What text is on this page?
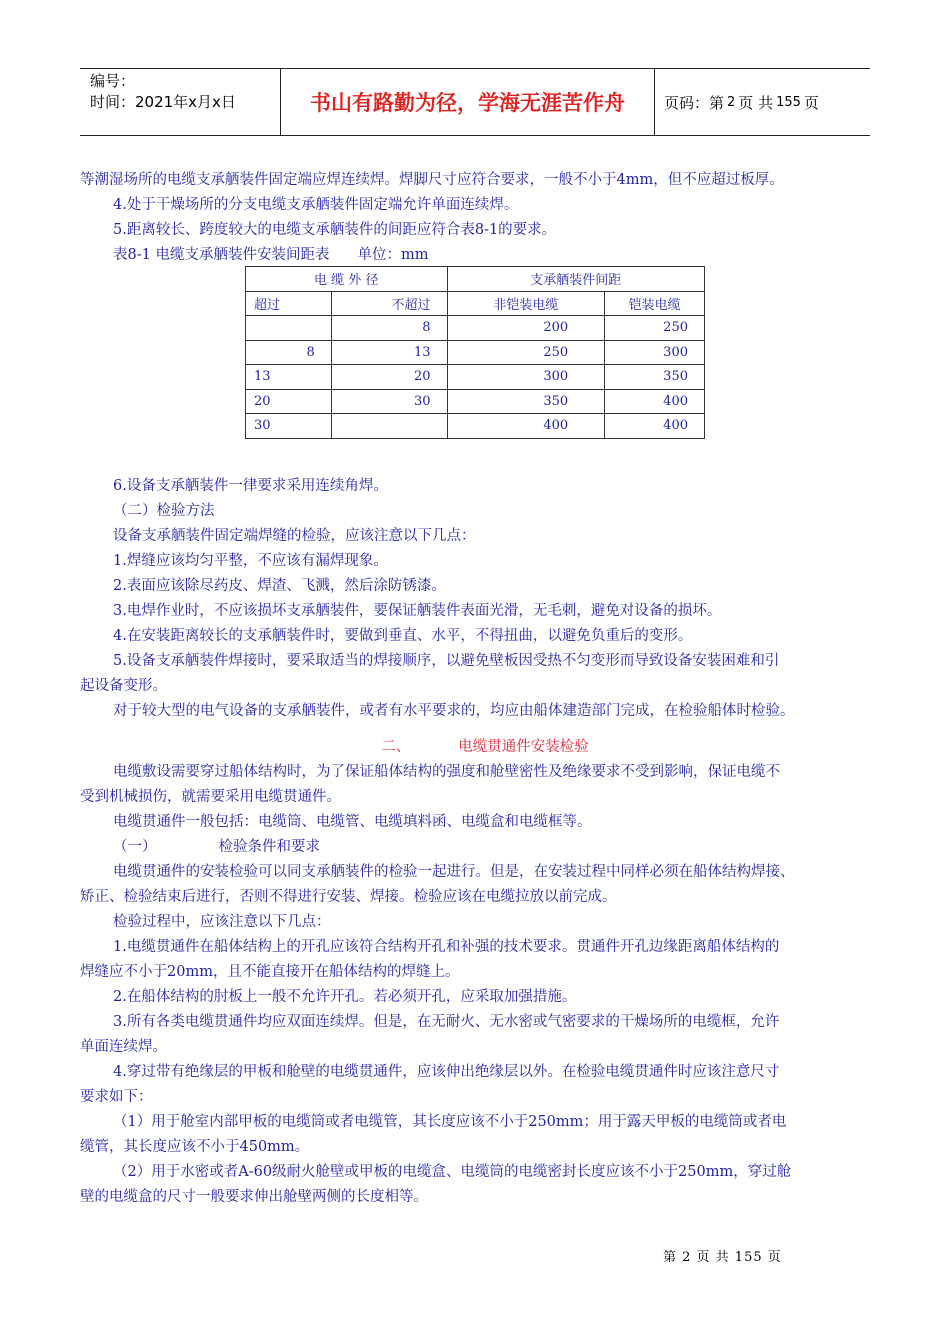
编号：
时间：2021年x月x日	书山有路勤为径，学海无涯苦作舟	页码：第 2 页 共 155 页

等潮湿场所的电缆支承舾装件固定端应焊连续焊。焊脚尺寸应符合要求，一般不小于4mm，但不应超过板厚。

4.处于干燥场所的分支电缆支承舾装件固定端允许单面连续焊。

5.距离较长、跨度较大的电缆支承舾装件的间距应符合表8-1的要求。

表8-1 电缆支承舾装件安装间距表 单位：mm
电 缆 外 径		支承舾装件间距	
超过	不超过	非铠装电缆	铠装电缆
	8	200	250
8	13	250	300
13	20	300	350
20	30	350	400
30		400	400

6.设备支承舾装件一律要求采用连续角焊。

（二）检验方法

设备支承舾装件固定端焊缝的检验，应该注意以下几点：

1.焊缝应该均匀平整，不应该有漏焊现象。

2.表面应该除尽药皮、焊渣、飞溅，然后涂防锈漆。

3.电焊作业时，不应该损坏支承舾装件，要保证舾装件表面光滑，无毛刺，避免对设备的损坏。

4.在安装距离较长的支承舾装件时，要做到垂直、水平，不得扭曲，以避免负重后的变形。

5.设备支承舾装件焊接时，要采取适当的焊接顺序，以避免壁板因受热不匀变形而导致设备安装困难和引

起设备变形。

对于较大型的电气设备的支承舾装件，或者有水平要求的，均应由船体建造部门完成，在检验船体时检验。

二、	电缆贯通件安装检验

电缆敷设需要穿过船体结构时，为了保证船体结构的强度和舱壁密性及绝缘要求不受到影响，保证电缆不

受到机械损伤，就需要采用电缆贯通件。

电缆贯通件一般包括：电缆筒、电缆管、电缆填料函、电缆盒和电缆框等。

（一）	检验条件和要求

电缆贯通件的安装检验可以同支承舾装件的检验一起进行。但是，在安装过程中同样必须在船体结构焊接、

矫正、检验结束后进行，否则不得进行安装、焊接。检验应该在电缆拉放以前完成。

检验过程中，应该注意以下几点：

1.电缆贯通件在船体结构上的开孔应该符合结构开孔和补强的技术要求。贯通件开孔边缘距离船体结构的

焊缝应不小于20mm，且不能直接开在船体结构的焊缝上。

2.在船体结构的肘板上一般不允许开孔。若必须开孔，应采取加强措施。

3.所有各类电缆贯通件均应双面连续焊。但是，在无耐火、无水密或气密要求的干燥场所的电缆框，允许

单面连续焊。

4.穿过带有绝缘层的甲板和舱壁的电缆贯通件，应该伸出绝缘层以外。在检验电缆贯通件时应该注意尺寸

要求如下：

（1）用于舱室内部甲板的电缆筒或者电缆管，其长度应该不小于250mm；用于露天甲板的电缆筒或者电

缆管，其长度应该不小于450mm。

（2）用于水密或者A-60级耐火舱壁或甲板的电缆盒、电缆筒的电缆密封长度应该不小于250mm，穿过舱

壁的电缆盒的尺寸一般要求伸出舱壁两侧的长度相等。

第 2 页 共 155 页
